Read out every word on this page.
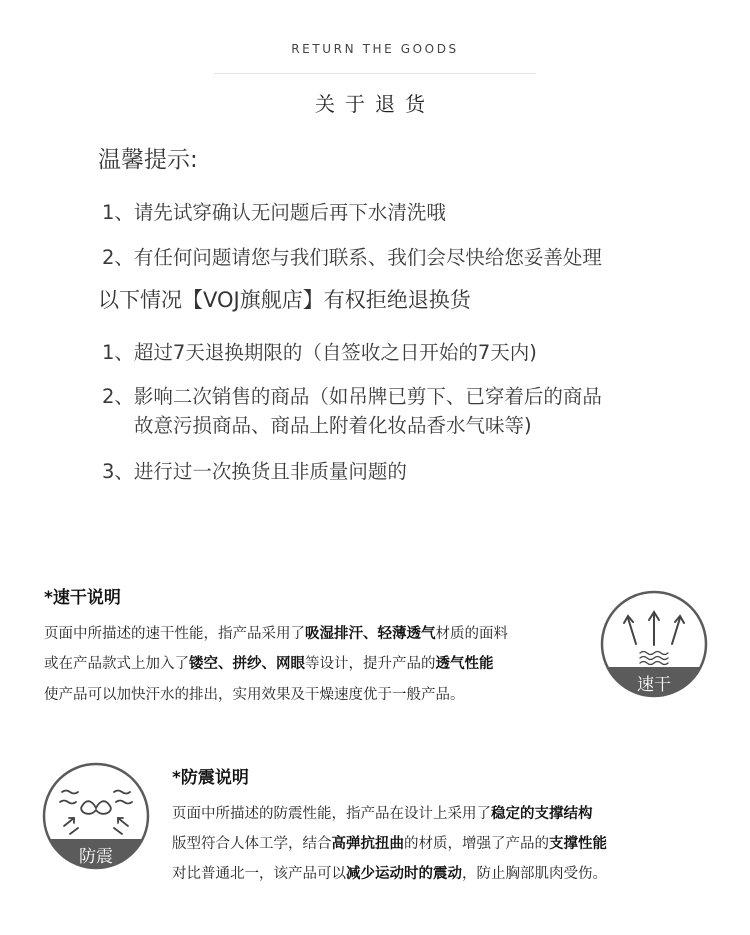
RETURN THE GOODS
关于退货
温馨提示:
1、请先试穿确认无问题后再下水清洗哦
2、有任何问题请您与我们联系、我们会尽快给您妥善处理
以下情况【VOJ旗舰店】有权拒绝退换货
1、超过7天退换期限的（自签收之日开始的7天内)
2、影响二次销售的商品（如吊牌已剪下、已穿着后的商品
故意污损商品、商品上附着化妆品香水气味等)
3、进行过一次换货且非质量问题的
*速干说明
页面中所描述的速干性能，指产品采用了吸湿排汗、轻薄透气材质的面料
或在产品款式上加入了镂空、拼纱、网眼等设计，提升产品的透气性能
使产品可以加快汗水的排出，实用效果及干燥速度优于一般产品。	速干
防震
*防震说明
页面中所描述的防震性能，指产品在设计上采用了稳定的支撑结构
版型符合人体工学，结合高弹抗扭曲的材质，增强了产品的支撑性能
对比普通北一，该产品可以减少运动时的震动，防止胸部肌肉受伤。
